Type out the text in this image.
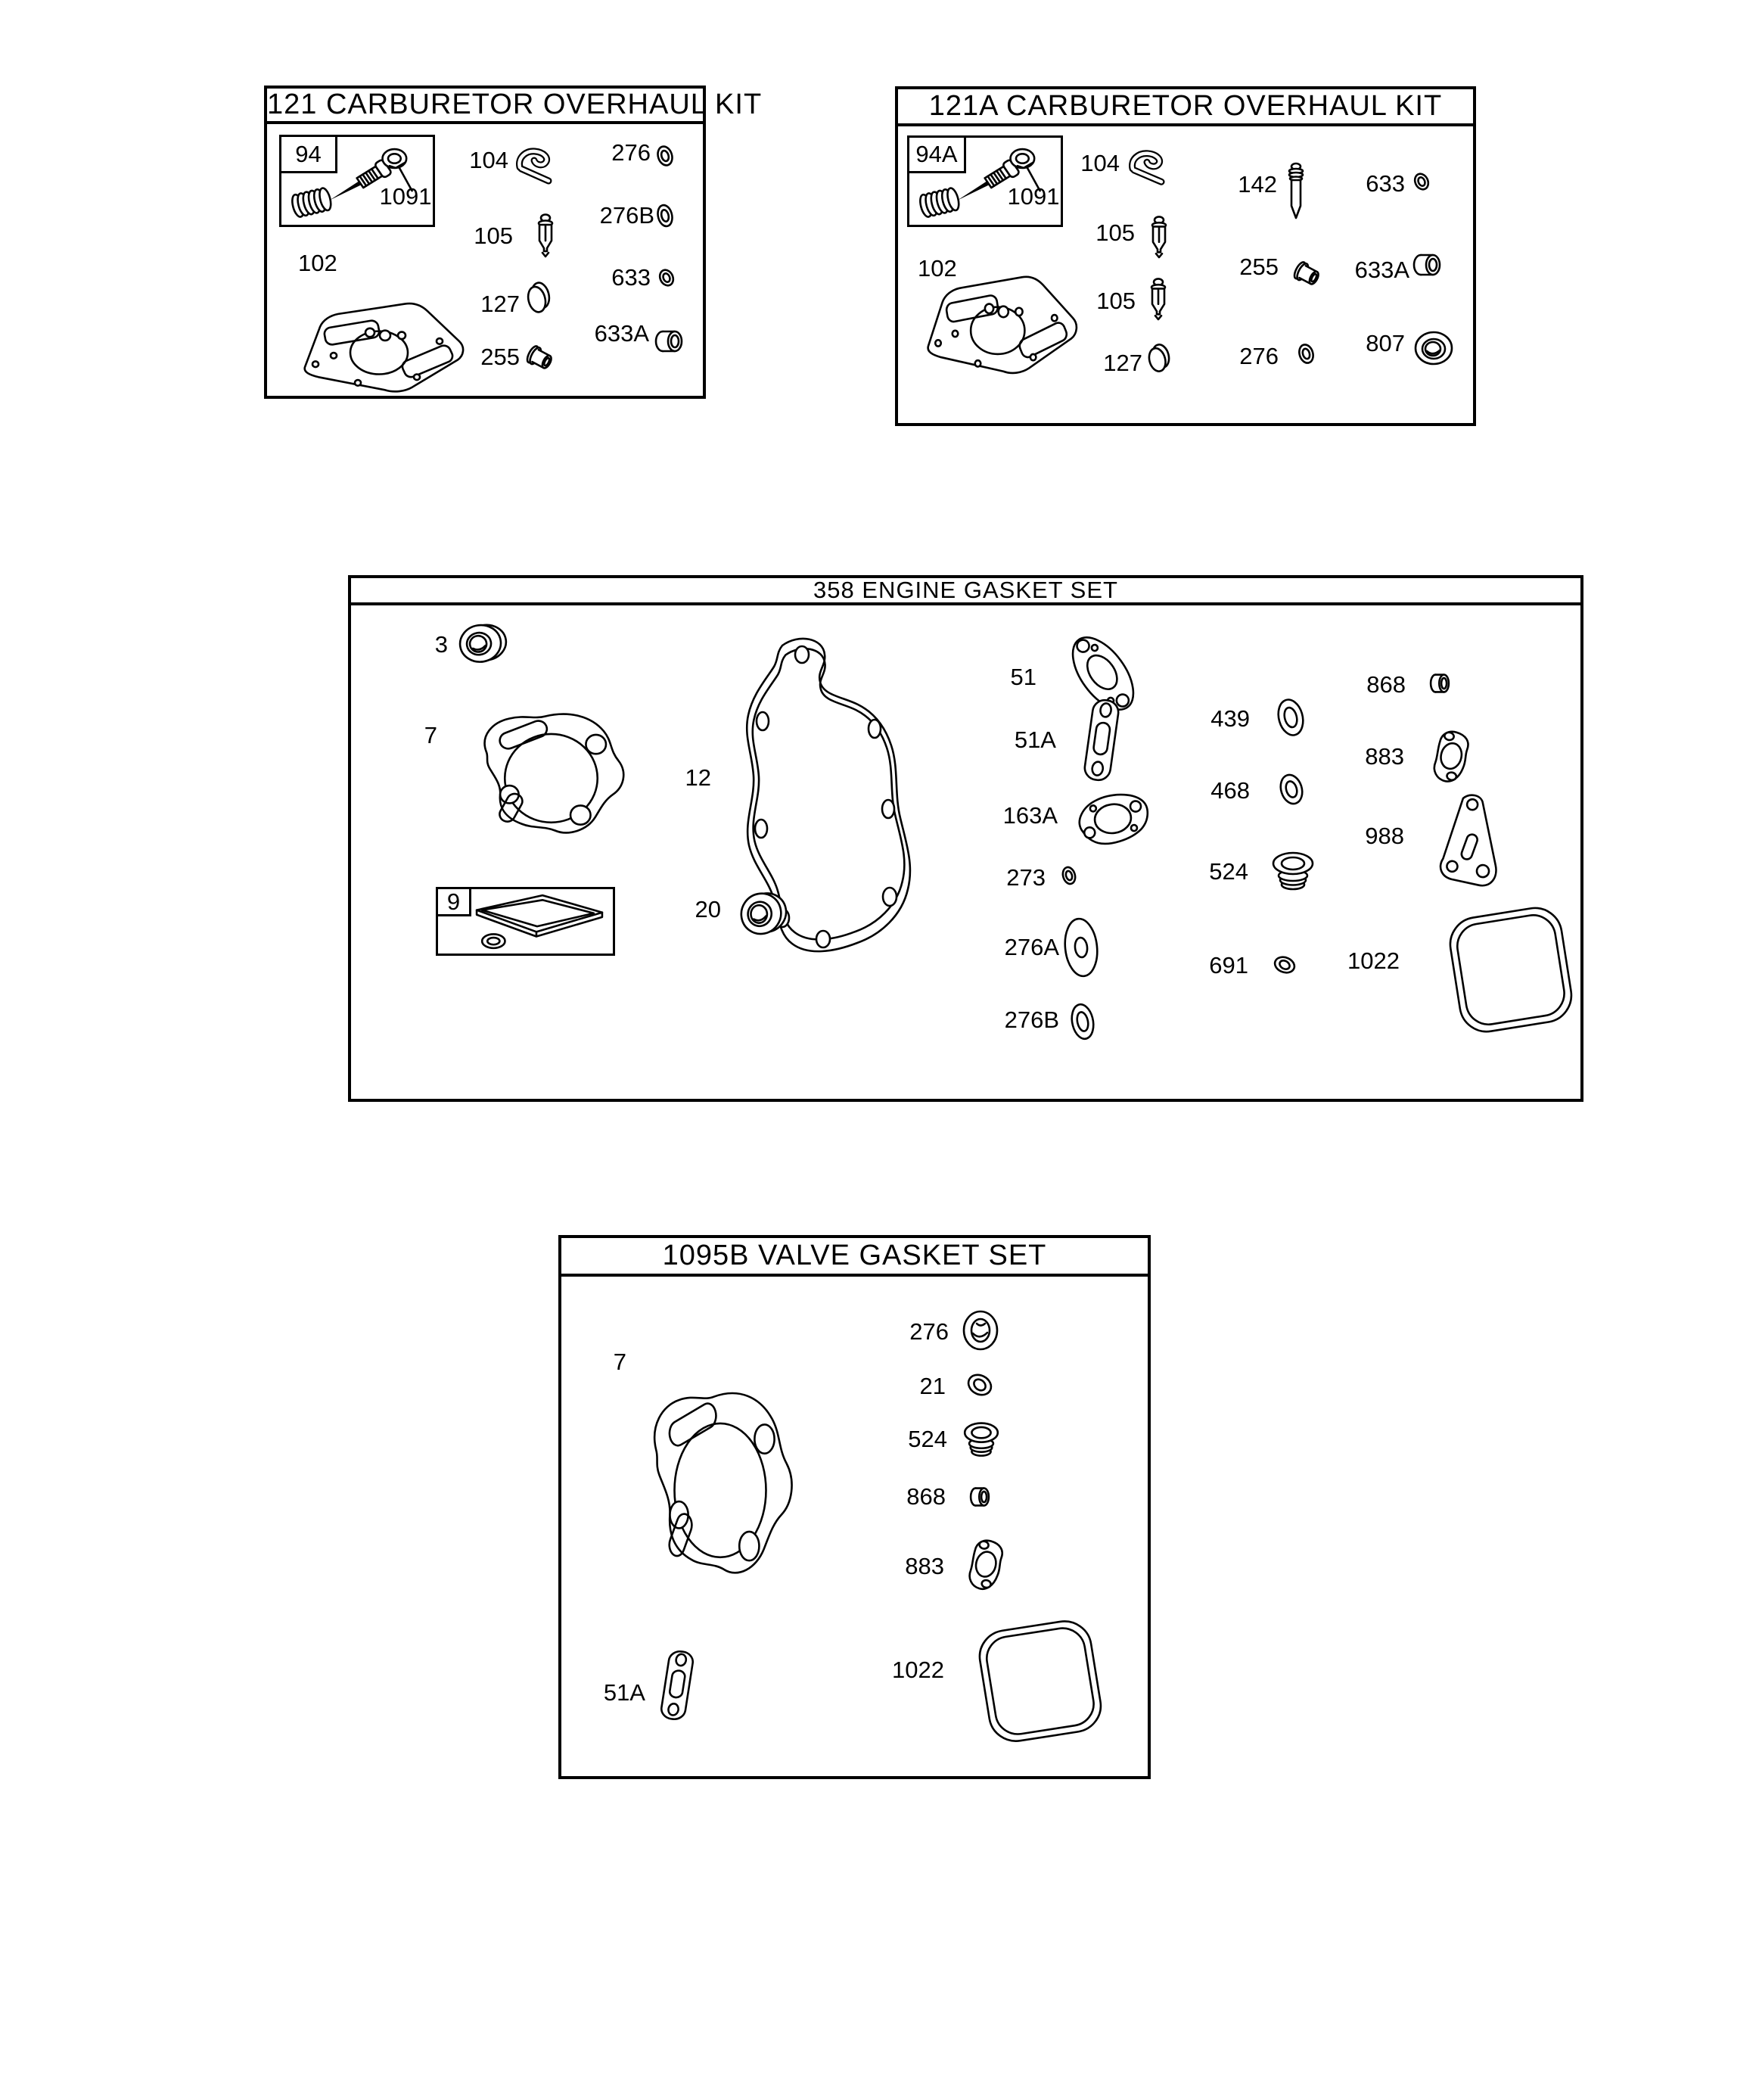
121 CARBURETOR OVERHAUL KIT
94
1091
102
104
105
127
255
276
276B
633
633A
121A CARBURETOR OVERHAUL KIT
94A
1091
102
104
105
105
127
142
255
276
633
633A
807
358 ENGINE GASKET SET
9
3
7
12
20
51
51A
163A
273
276A
276B
439
468
524
691
868
883
988
1022
1095B VALVE GASKET SET
7
276
21
524
868
883
51A
1022
